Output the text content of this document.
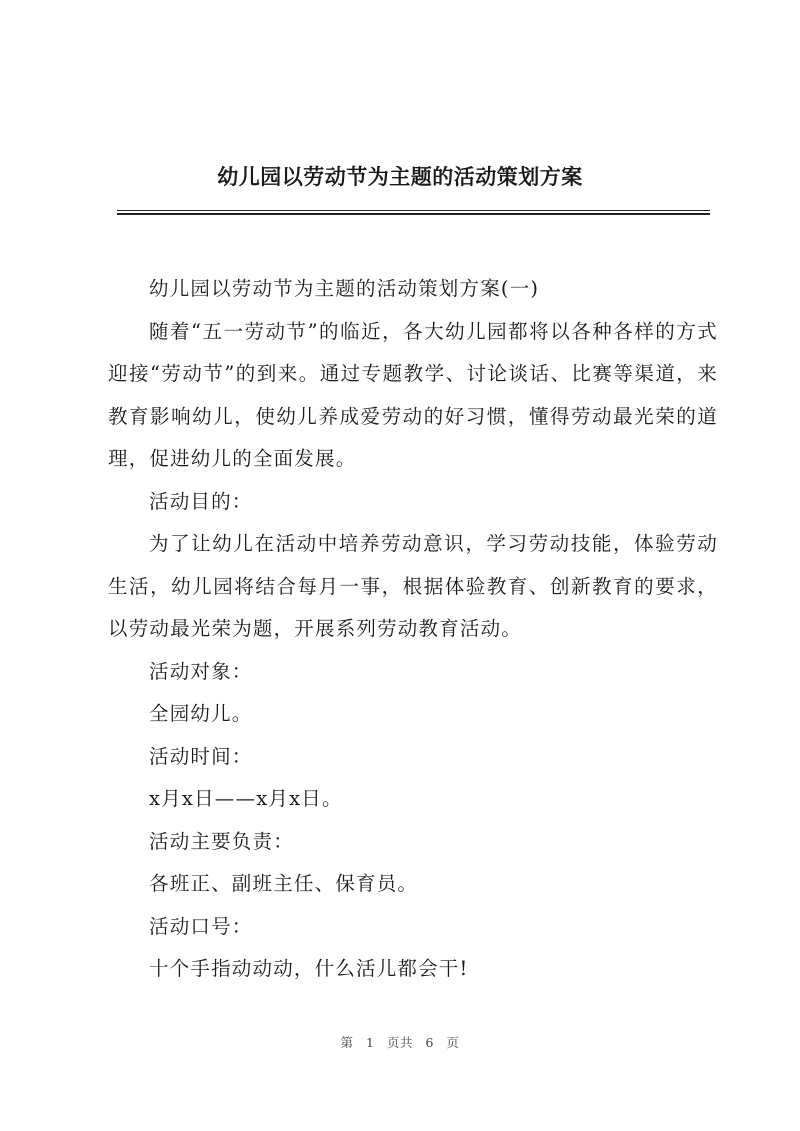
幼儿园以劳动节为主题的活动策划方案

幼儿园以劳动节为主题的活动策划方案(一)

随着“五一劳动节”的临近，各大幼儿园都将以各种各样的方式迎接“劳动节”的到来。通过专题教学、讨论谈话、比赛等渠道，来教育影响幼儿，使幼儿养成爱劳动的好习惯，懂得劳动最光荣的道理，促进幼儿的全面发展。

活动目的：

为了让幼儿在活动中培养劳动意识，学习劳动技能，体验劳动生活，幼儿园将结合每月一事，根据体验教育、创新教育的要求，以劳动最光荣为题，开展系列劳动教育活动。

活动对象：

全园幼儿。

活动时间：

x月x日——x月x日。

活动主要负责：

各班正、副班主任、保育员。

活动口号：

十个手指动动动，什么活儿都会干!

第 1 页共 6 页
